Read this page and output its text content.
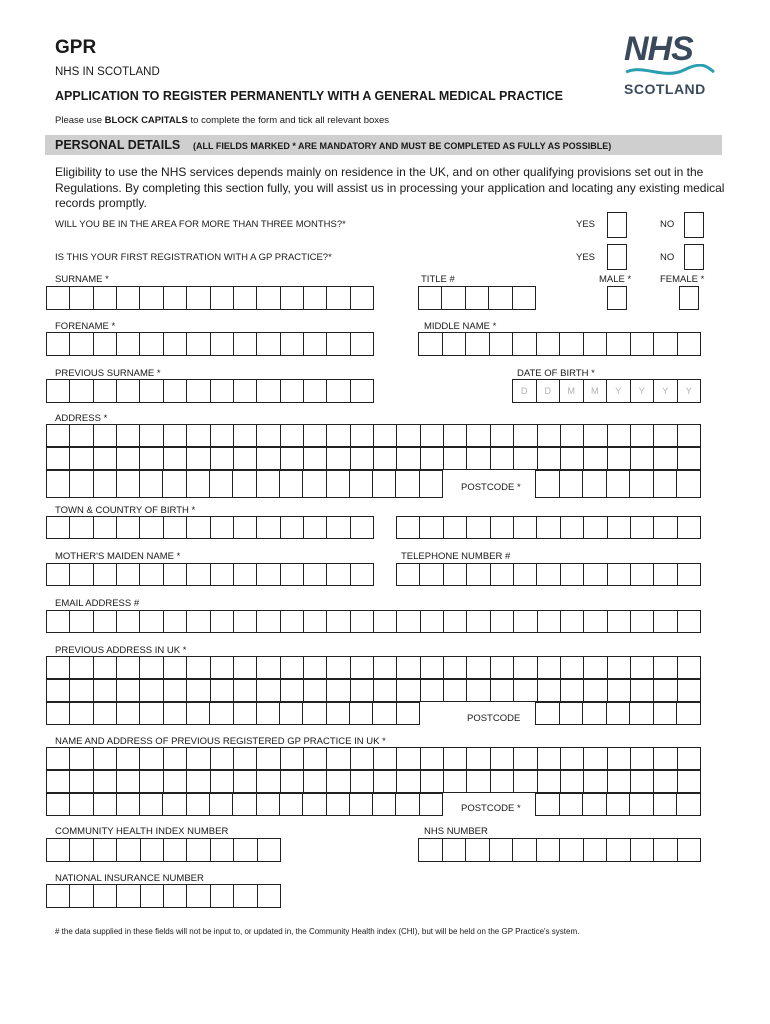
GPR
NHS IN SCOTLAND
APPLICATION TO REGISTER PERMANENTLY WITH A GENERAL MEDICAL PRACTICE
Please use BLOCK CAPITALS to complete the form and tick all relevant boxes
NHS
SCOTLAND
PERSONAL DETAILS (ALL FIELDS MARKED * ARE MANDATORY AND MUST BE COMPLETED AS FULLY AS POSSIBLE)
Eligibility to use the NHS services depends mainly on residence in the UK, and on other qualifying provisions set out in the Regulations. By completing this section fully, you will assist us in processing your application and locating any existing medical records promptly.
WILL YOU BE IN THE AREA FOR MORE THAN THREE MONTHS?*	YES	NO
IS THIS YOUR FIRST REGISTRATION WITH A GP PRACTICE?*	YES	NO
SURNAME *	TITLE #	MALE *	FEMALE *
FORENAME *	MIDDLE NAME *
PREVIOUS SURNAME *	DATE OF BIRTH *
D	D	M	M	Y	Y	Y	Y
ADDRESS *
POSTCODE *
TOWN & COUNTRY OF BIRTH *
MOTHER'S MAIDEN NAME *	TELEPHONE NUMBER #
EMAIL ADDRESS #
PREVIOUS ADDRESS IN UK *
POSTCODE
NAME AND ADDRESS OF PREVIOUS REGISTERED GP PRACTICE IN UK *
POSTCODE *
COMMUNITY HEALTH INDEX NUMBER	NHS NUMBER
NATIONAL INSURANCE NUMBER
# the data supplied in these fields will not be input to, or updated in, the Community Health index (CHI), but will be held on the GP Practice's system.
